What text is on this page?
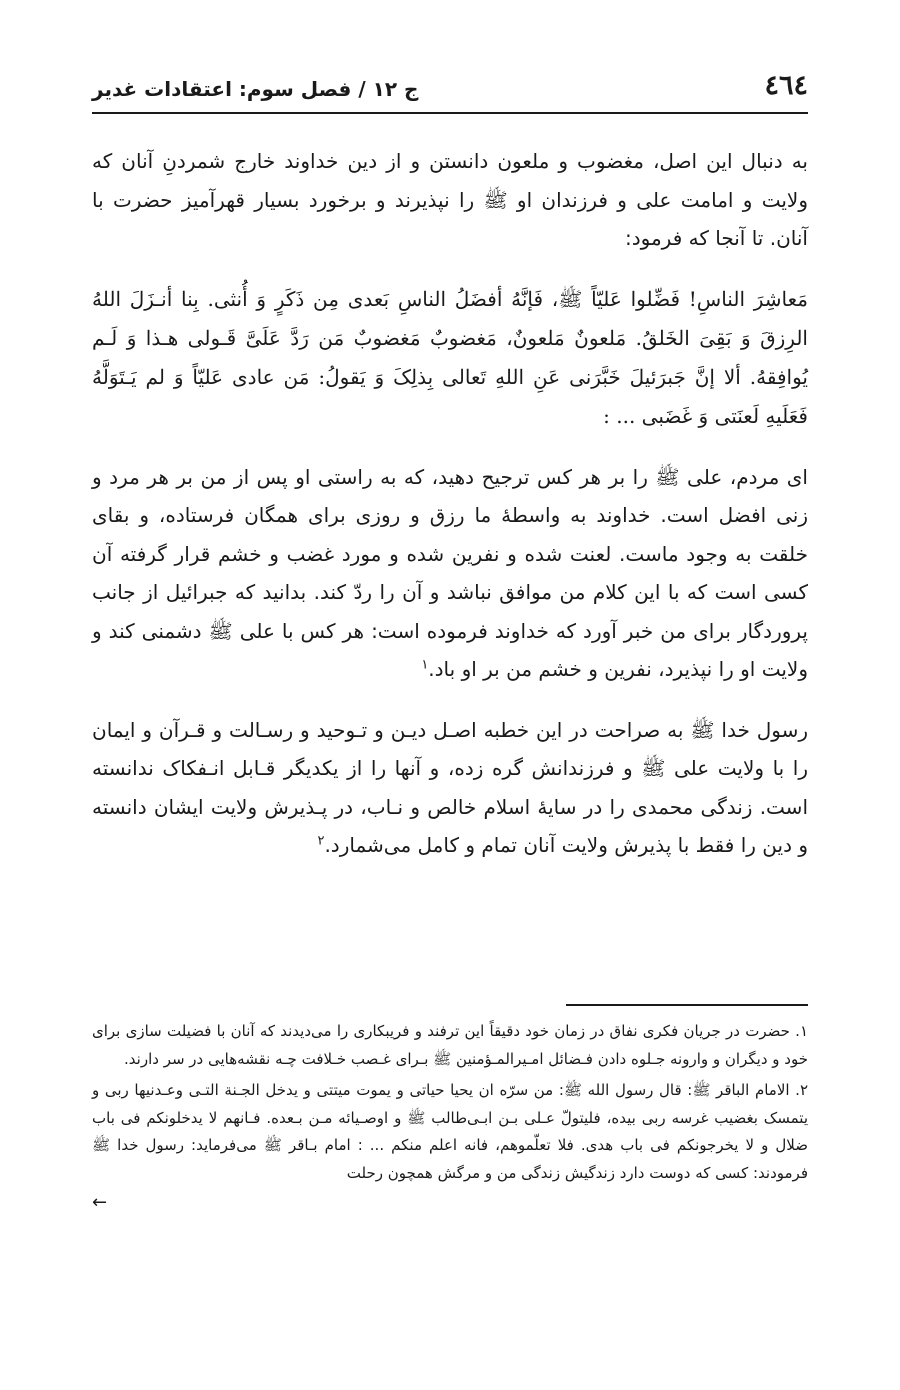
٤٦٤
ج ١٢ / فصل سوم: اعتقادات غدیر

به دنبال این اصل، مغضوب و ملعون دانستن و از دین خداوند خارج شمردنِ آنان که ولایت و امامت علی و فرزندان او ﷺ را نپذیرند و برخورد بسیار قهرآمیز حضرت با آنان. تا آنجا که فرمود:

مَعاشِرَ الناسِ! فَضِّلوا عَلیّاً ﷺ، فَإنَّهُ أفضَلُ الناسِ بَعدی مِن ذَکَرٍ وَ أُنثی. بِنا أنـزَلَ اللهُ الرِزقَ وَ بَقِیَ الخَلقُ. مَلعونٌ مَلعونٌ، مَغضوبٌ مَغضوبٌ مَن رَدَّ عَلَیَّ قَـولی هـذا وَ لَـم یُوافِقهُ. ألا إنَّ جَبرَئیلَ خَبَّرَنی عَنِ اللهِ تَعالی بِذلِکَ وَ یَقولُ: مَن عادی عَلیّاً وَ لم یَـتَوَلَّهُ فَعَلَیهِ لَعنَتی وَ غَضَبی ... :

ای مردم، علی ﷺ را بر هر کس ترجیح دهید، که به راستی او پس از من بر هر مرد و زنی افضل است. خداوند به واسطهٔ ما رزق و روزی برای همگان فرستاده، و بقای خلقت به وجود ماست. لعنت شده و نفرین شده و مورد غضب و خشم قرار گرفته آن کسی است که با این کلام من موافق نباشد و آن را ردّ کند. بدانید که جبرائیل از جانب پروردگار برای من خبر آورد که خداوند فرموده است: هر کس با علی ﷺ دشمنی کند و ولایت او را نپذیرد، نفرین و خشم من بر او باد.$^١$

رسول خدا ﷺ به صراحت در این خطبه اصـل دیـن و تـوحید و رسـالت و قـرآن و ایمان را با ولایت علی ﷺ و فرزندانش گره زده، و آنها را از یکدیگر قـابل انـفکاک ندانسته است. زندگی محمدی را در سایهٔ اسلام خالص و نـاب، در پـذیرش ولایت ایشان دانسته و دین را فقط با پذیرش ولایت آنان تمام و کامل می‌شمارد.$^٢$

١. حضرت در جریان فکری نفاق در زمان خود دقیقاً این ترفند و فریبکاری را می‌دیدند که آنان با فضیلت سازی برای خود و دیگران و وارونه جـلوه دادن فـضائل امـیرالمـؤمنین ﷺ بـرای غـصب خـلافت چـه نقشه‌هایی در سر دارند.

٢. الامام الباقر ﷺ: قال رسول الله ﷺ: من سرّه ان یحیا حیاتی و یموت میتتی و یدخل الجـنة التـی وعـدنیها ربی و یتمسک بغضیب غرسه ربی بیده، فلیتولّ عـلی بـن ابـی‌طالب ﷺ و اوصـیائه مـن بـعده. فـانهم لا یدخلونکم فی باب ضلال و لا یخرجونکم فی باب هدی. فلا تعلّموهم، فانه اعلم منکم ... : امام بـاقر ﷺ می‌فرماید: رسول خدا ﷺ فرمودند: کسی که دوست دارد زندگیش زندگی من و مرگش همچون رحلت

←
